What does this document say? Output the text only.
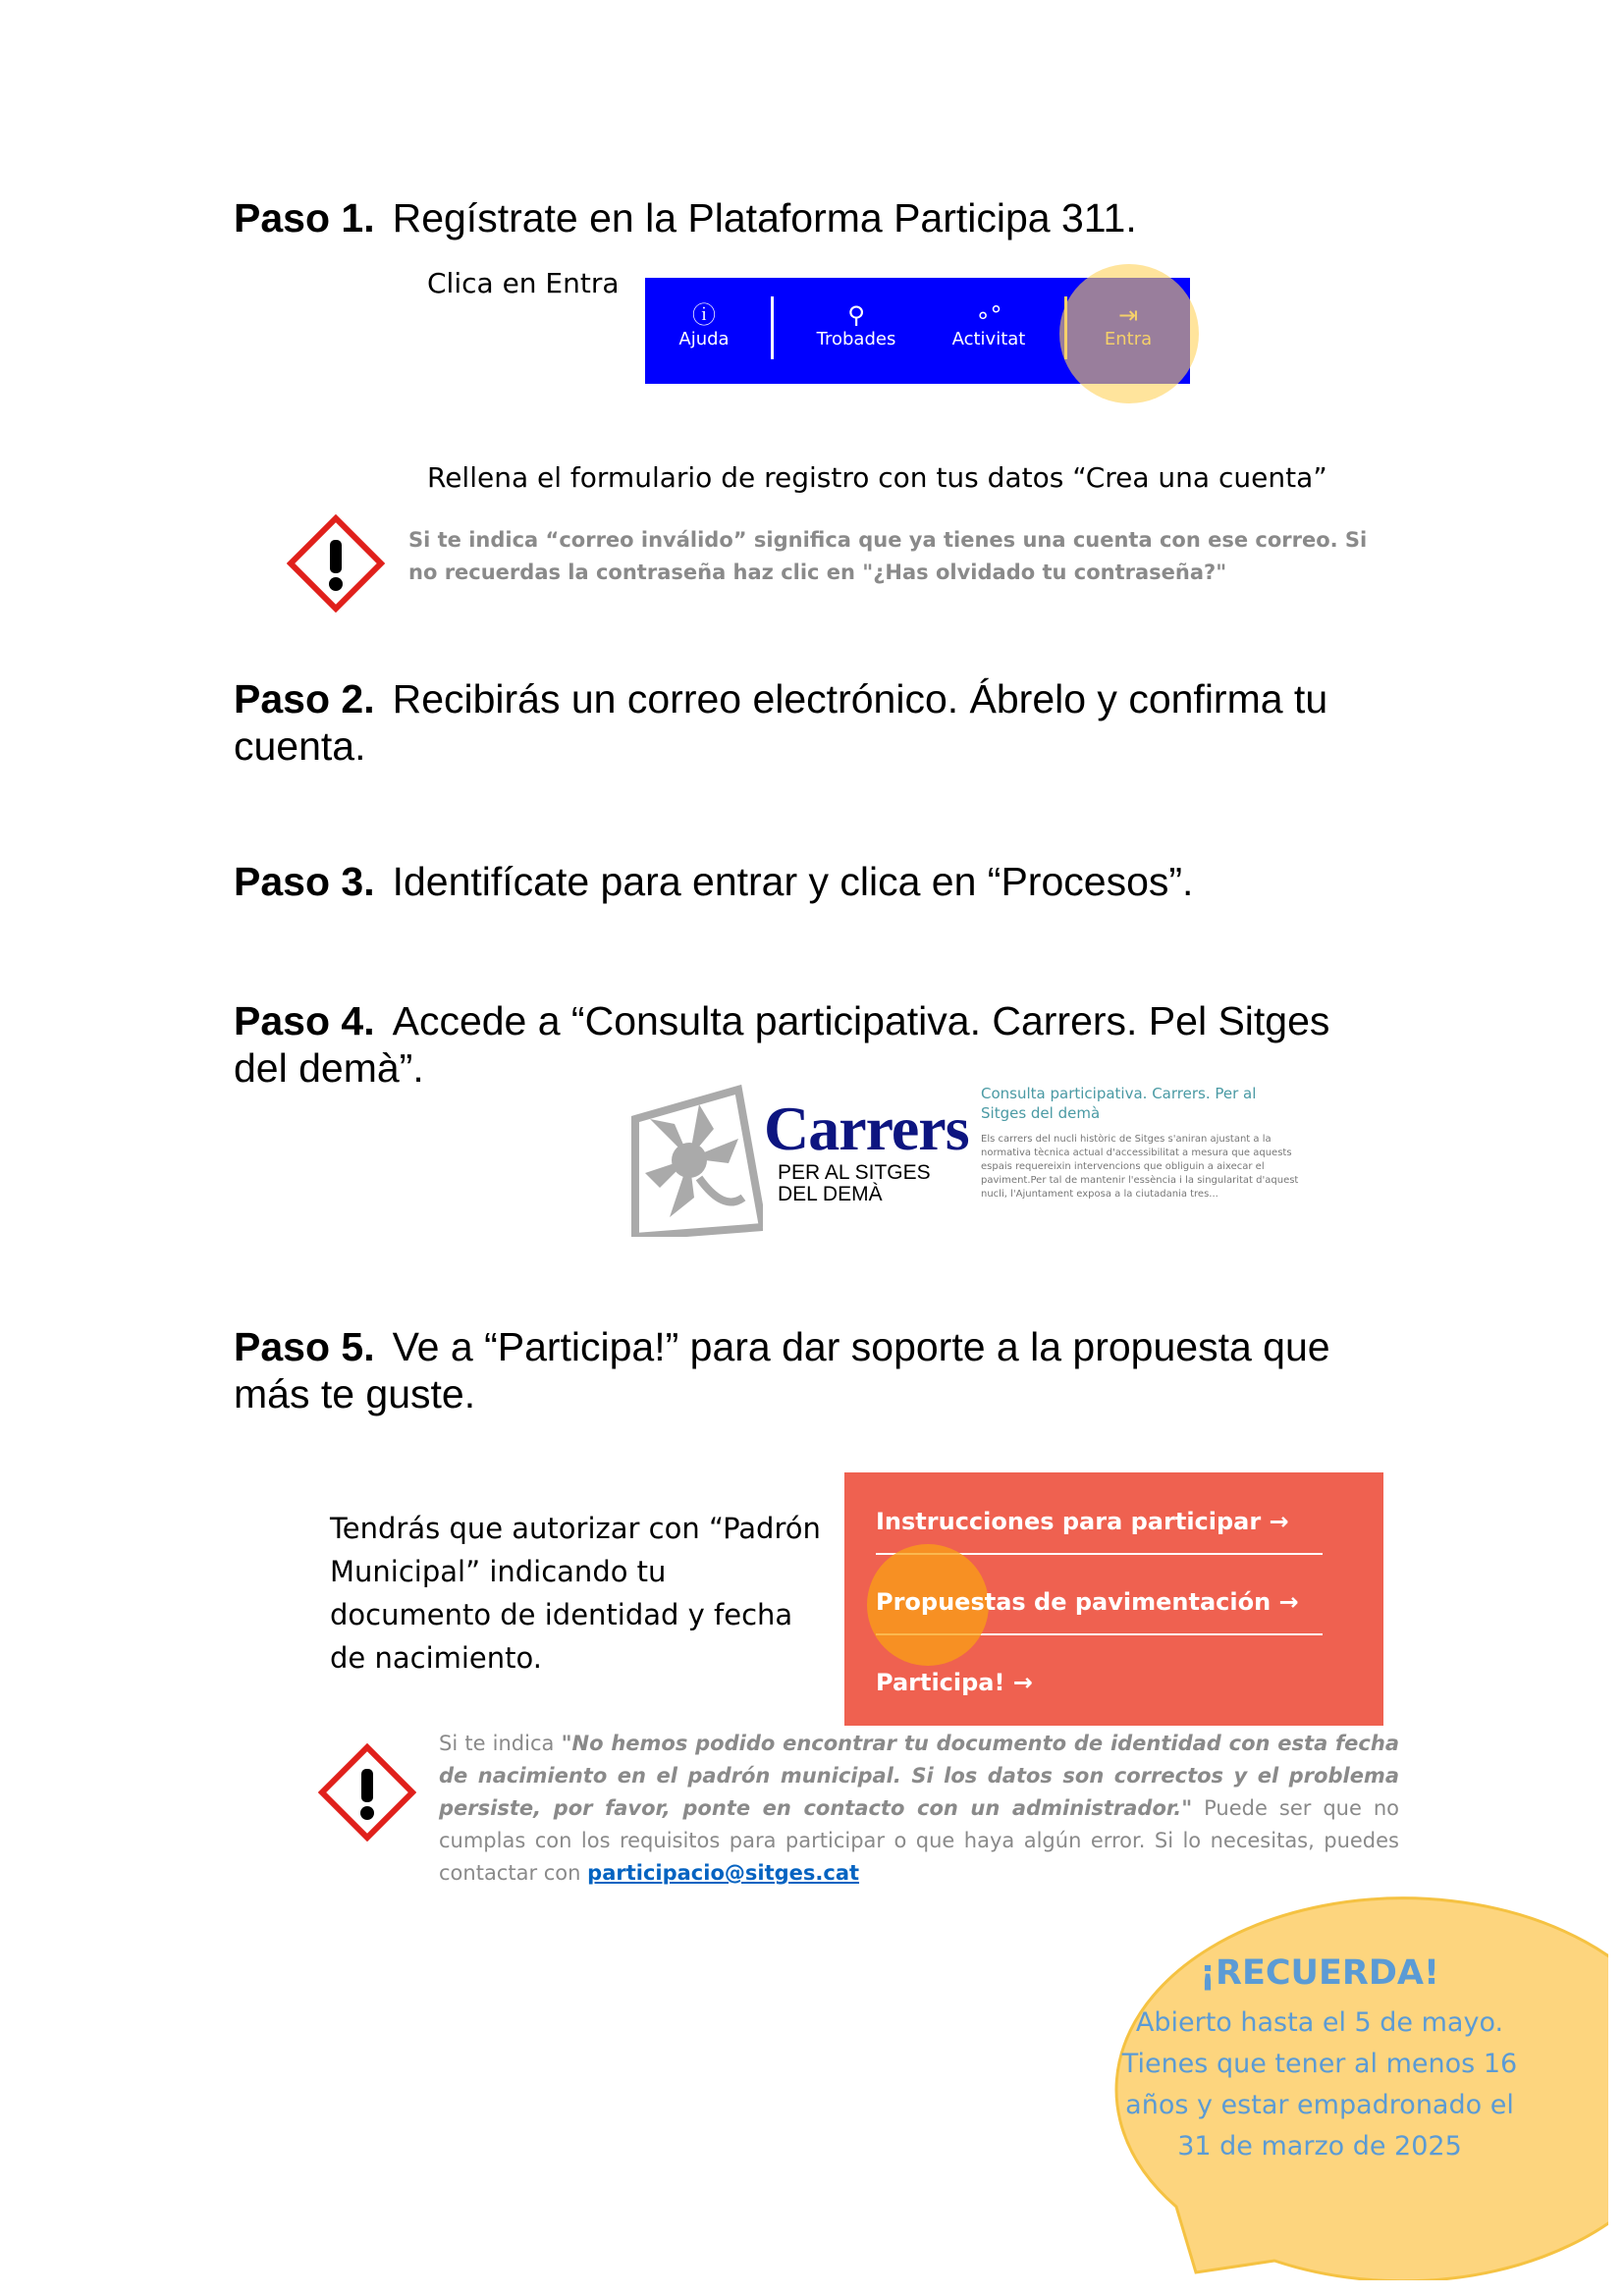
Paso 1. Regístrate en la Plataforma Participa 311.
Clica en Entra
ⓘ
Ajuda
⚲
Trobades
∘°
Activitat
⇥
Entra
Rellena el formulario de registro con tus datos “Crea una cuenta”
Si te indica “correo inválido” significa que ya tienes una cuenta con ese correo. Si no recuerdas la contraseña haz clic en "¿Has olvidado tu contraseña?"
Paso 2. Recibirás un correo electrónico. Ábrelo y confirma tu cuenta.
Paso 3. Identifícate para entrar y clica en “Procesos”.
Paso 4. Accede a “Consulta participativa. Carrers. Pel Sitges del demà”.
Carrers
PER AL SITGES
DEL DEMÀ
Consulta participativa. Carrers. Per al Sitges del demà
Els carrers del nucli històric de Sitges s'aniran ajustant a la normativa tècnica actual d'accessibilitat a mesura que aquests espais requereixin intervencions que obliguin a aixecar el paviment.Per tal de mantenir l'essència i la singularitat d'aquest nucli, l'Ajuntament exposa a la ciutadania tres...
Paso 5. Ve a “Participa!” para dar soporte a la propuesta que más te guste.
Tendrás que autorizar con “Padrón Municipal” indicando tu documento de identidad y fecha de nacimiento.
Instrucciones para participar →
Propuestas de pavimentación →
Participa! →
Si te indica "No hemos podido encontrar tu documento de identidad con esta fecha de nacimiento en el padrón municipal. Si los datos son correctos y el problema persiste, por favor, ponte en contacto con un administrador." Puede ser que no cumplas con los requisitos para participar o que haya algún error. Si lo necesitas, puedes contactar con participacio@sitges.cat
¡RECUERDA!
Abierto hasta el 5 de mayo.
Tienes que tener al menos 16
años y estar empadronado el
31 de marzo de 2025
